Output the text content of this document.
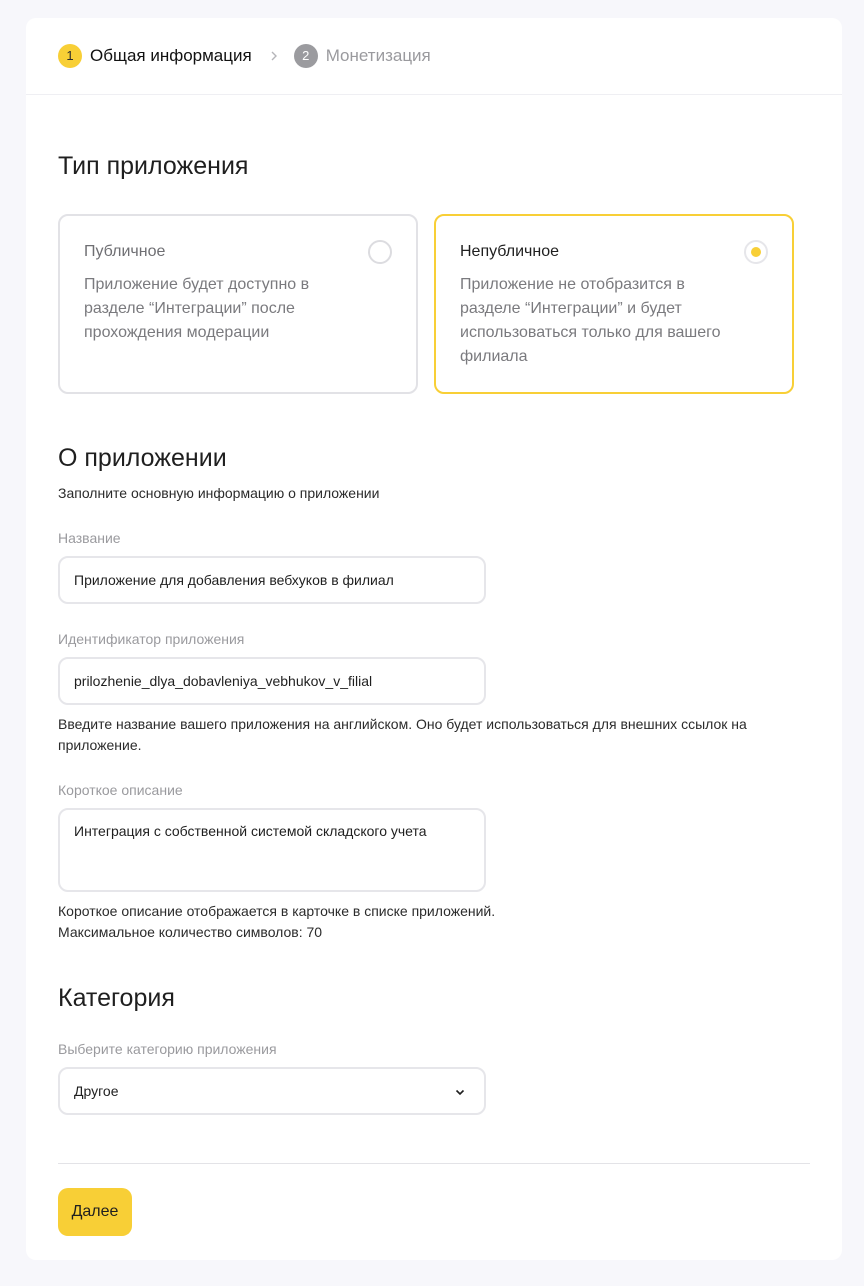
1 Общая информация	2 Монетизация
Тип приложения
Публичное
Приложение будет доступно в разделе “Интеграции” после прохождения модерации
Непубличное
Приложение не отобразится в разделе “Интеграции” и будет использоваться только для вашего филиала
О приложении
Заполните основную информацию о приложении
Название
Приложение для добавления вебхуков в филиал
Идентификатор приложения
prilozhenie_dlya_dobavleniya_vebhukov_v_filial
Введите название вашего приложения на английском. Оно будет использоваться для внешних ссылок на приложение.
Короткое описание
Интеграция с собственной системой складского учета
Короткое описание отображается в карточке в списке приложений.
Максимальное количество символов: 70
Категория
Выберите категорию приложения
Другое
Далее
